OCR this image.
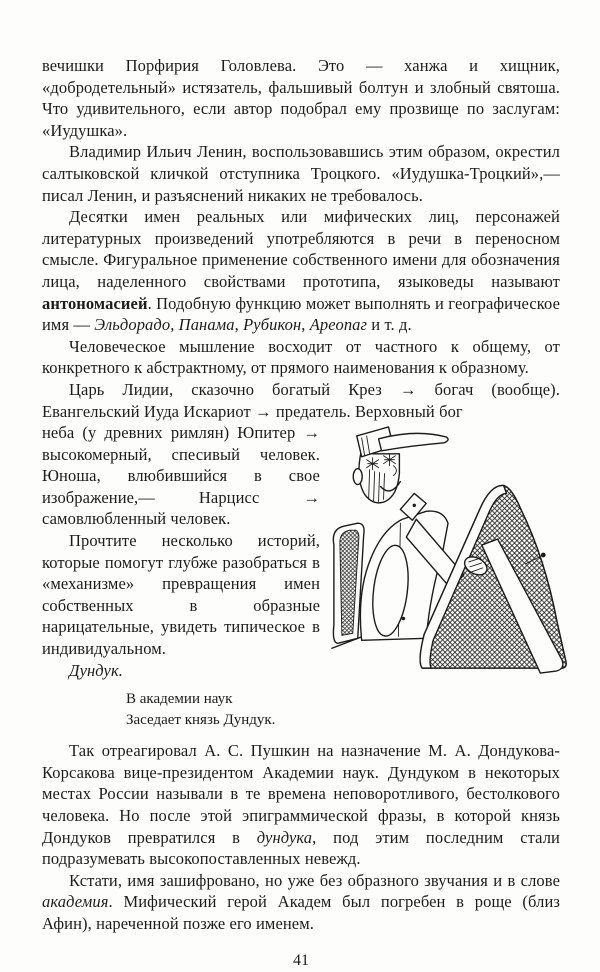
вечишки Порфирия Головлева. Это — ханжа и хищник, «добродетельный» истязатель, фальшивый болтун и злобный святоша. Что удивительного, если автор подобрал ему прозвище по заслугам: «Иудушка».

Владимир Ильич Ленин, воспользовавшись этим образом, окрестил салтыковской кличкой отступника Троцкого. «Иудушка-Троцкий»,— писал Ленин, и разъяснений никаких не требовалось.

Десятки имен реальных или мифических лиц, персонажей литературных произведений употребляются в речи в переносном смысле. Фигуральное применение собственного имени для обозначения лица, наделенного свойствами прототипа, языковеды называют антономасией. Подобную функцию может выполнять и географическое имя — Эльдорадо, Панама, Рубикон, Ареопаг и т. д.

Человеческое мышление восходит от частного к общему, от конкретного к абстрактному, от прямого наименования к образному.

Царь Лидии, сказочно богатый Крез → богач (вообще). Евангельский Иуда Искариот → предатель. Верховный бог

неба (у древних римлян) Юпитер → высокомерный, спесивый человек. Юноша, влюбившийся в свое изображение,— Нарцисс → самовлюбленный человек.

Прочтите несколько историй, которые помогут глубже разобраться в «механизме» превращения имен собственных в образные нарицательные, увидеть типическое в индивидуальном.

Дундук.

В академии наук
Заседает князь Дундук.

Так отреагировал А. С. Пушкин на назначение М. А. Дондукова-Корсакова вице-президентом Академии наук. Дундуком в некоторых местах России называли в те времена неповоротливого, бестолкового человека. Но после этой эпиграммической фразы, в которой князь Дондуков превратился в дундука, под этим последним стали подразумевать высокопоставленных невежд.

Кстати, имя зашифровано, но уже без образного звучания и в слове академия. Мифический герой Академ был погребен в роще (близ Афин), нареченной позже его именем.

41
